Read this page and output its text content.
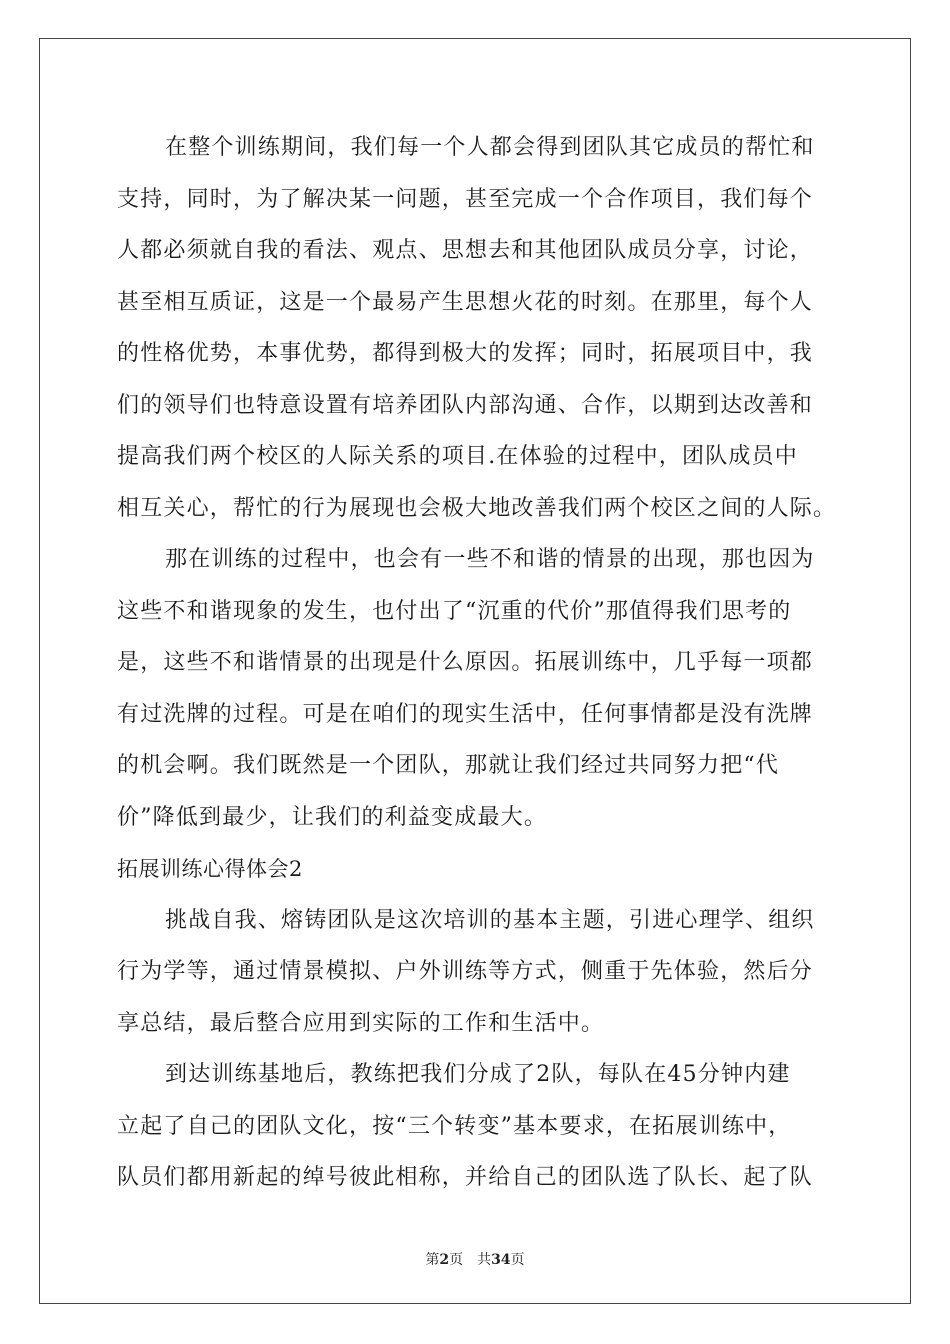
在整个训练期间，我们每一个人都会得到团队其它成员的帮忙和
支持，同时，为了解决某一问题，甚至完成一个合作项目，我们每个
人都必须就自我的看法、观点、思想去和其他团队成员分享，讨论，
甚至相互质证，这是一个最易产生思想火花的时刻。在那里，每个人
的性格优势，本事优势，都得到极大的发挥；同时，拓展项目中，我
们的领导们也特意设置有培养团队内部沟通、合作，以期到达改善和
提高我们两个校区的人际关系的项目.在体验的过程中，团队成员中
相互关心，帮忙的行为展现也会极大地改善我们两个校区之间的人际。
那在训练的过程中，也会有一些不和谐的情景的出现，那也因为
这些不和谐现象的发生，也付出了“沉重的代价”那值得我们思考的
是，这些不和谐情景的出现是什么原因。拓展训练中，几乎每一项都
有过洗牌的过程。可是在咱们的现实生活中，任何事情都是没有洗牌
的机会啊。我们既然是一个团队，那就让我们经过共同努力把“代
价”降低到最少，让我们的利益变成最大。
拓展训练心得体会2
挑战自我、熔铸团队是这次培训的基本主题，引进心理学、组织
行为学等，通过情景模拟、户外训练等方式，侧重于先体验，然后分
享总结，最后整合应用到实际的工作和生活中。
到达训练基地后，教练把我们分成了2队，每队在45分钟内建
立起了自己的团队文化，按“三个转变”基本要求，在拓展训练中，
队员们都用新起的绰号彼此相称，并给自己的团队选了队长、起了队
第2页 共34页
